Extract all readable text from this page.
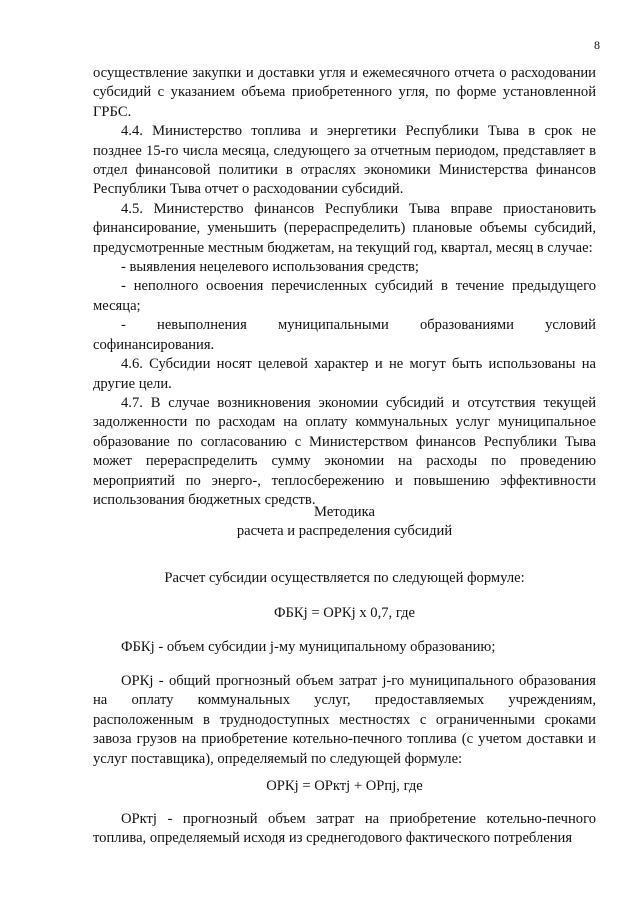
8

осуществление закупки и доставки угля и ежемесячного отчета о расходовании субсидий с указанием объема приобретенного угля, по форме установленной ГРБС.

4.4. Министерство топлива и энергетики Республики Тыва в срок не позднее 15-го числа месяца, следующего за отчетным периодом, представляет в отдел финансовой политики в отраслях экономики Министерства финансов Республики Тыва отчет о расходовании субсидий.

4.5. Министерство финансов Республики Тыва вправе приостановить финансирование, уменьшить (перераспределить) плановые объемы субсидий, предусмотренные местным бюджетам, на текущий год, квартал, месяц в случае:

- выявления нецелевого использования средств;

- неполного освоения перечисленных субсидий в течение предыдущего месяца;

- невыполнения муниципальными образованиями условий

софинансирования.

4.6. Субсидии носят целевой характер и не могут быть использованы на другие цели.

4.7. В случае возникновения экономии субсидий и отсутствия текущей задолженности по расходам на оплату коммунальных услуг муниципальное образование по согласованию с Министерством финансов Республики Тыва может перераспределить сумму экономии на расходы по проведению мероприятий по энерго-, теплосбережению и повышению эффективности использования бюджетных средств.

Методика

расчета и распределения субсидий

Расчет субсидии осуществляется по следующей формуле:

ФБКj = ОРКj x 0,7, где

ФБКj - объем субсидии j-му муниципальному образованию;

ОРКj - общий прогнозный объем затрат j-го муниципального образования на оплату коммунальных услуг, предоставляемых учреждениям, расположенным в труднодоступных местностях с ограниченными сроками завоза грузов на приобретение котельно-печного топлива (с учетом доставки и услуг поставщика), определяемый по следующей формуле:

ОРКj = ОРктj + ОРпj, где

ОРктj - прогнозный объем затрат на приобретение котельно-печного топлива, определяемый исходя из среднегодового фактического потребления
